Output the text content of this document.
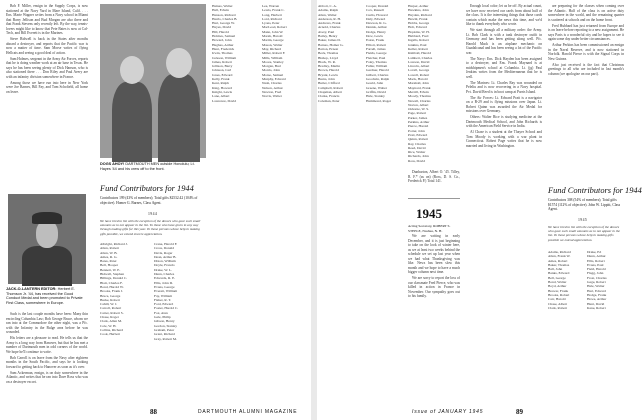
Bob F. Miller, ensign in the Supply Corps, is now stationed at the Navy Yard in Mare Island, Calif. . . . Ens. Marie Wagner writes from a Navy school in Miami that Barry Jellison and Bud Morgan are also there and that Frank Stevens only recently left. By the way, tennis-lovers might like to know that Pete Bates is now at Cal-Tech, and Bill Everett is in the Marines.

Steve Bidwell is back in the States after months aboard a destroyer, and reports that the Pacific war is now a matter of time. Sam Morse writes of flying Hellcats and seeing a good deal of action.

Sam Holmes, sergeant in the Army Air Forces, reports that he is doing weather work at an air base in Texas. He says he has been seeing plenty of Dick Hanson, who is also stationed there . . . Don Riley and Paul Avery are with an infantry division somewhere in France.

Among those we have run into here in New York were Joe Barnes, Bill Fay, and Tom Schofield, all home on leave.

JACK-O-LANTERN EDITOR: Herbert E. Thomson Jr. '44, has received the Good Conduct Medal and been promoted to Private First Class, somewhere in Europe.

Such is the last couple months have been: Many thin encircling Columbia Law; Bob George Bruce, whom we ran into at the Commodore the other night, was a Pfc. with the Infantry in the Bulge area before he was wounded.

His letters are a pleasure to read. He tells us that the Army is a long way from Hanover, but that he has met a number of Dartmouth men in odd corners of the world. We hope he'll continue to write.

Bob Carroll is on leave from the Navy after eighteen months in the South Pacific, and says he is looking forward to getting back to Hanover as soon as it's over.

Sam Ackerman, ensign, is on duty somewhere in the Atlantic, and writes that he ran into Dave Ross who was on a destroyer escort.

DOGS AHOY! DARTMOUTH MEN outside Honolulu; Lt. Hayes '44 and his crew off to the front.
Fund Contributors for 1944
Contributors 199 (43% of members); Total gifts $2532.42 (104% of objective). Homer G. Barnes, Class Agent.
1944
We have tried to list with the exception of the donors who gave such small amounts as to not appear in the list. To those who have given in any way through making gifts for this year. To those persons whose help in making gifts possible, we extend sincere appreciation.
Albright, Richard J.
Allen, Robert
Allen, W. B.
Ames, R. G.
Bates, Peter
Bell, Hooper
Bennett, W. E.
Bidwell, Stephen
Billings, Donald C.
Blair, Charles F.
Bond, Harold W.
Brooks, Frank J.
Bruce, George
Burke, Robert
Cahill, W. J.
Carroll, Robert
Carter, Robert S.
Chase, Roger
Clark, Allen M.
Cole, W. H.
Collins, Richard
Cook, Herbert
Crane, Harold F.
Cross, Donald
Davis, Roger
Dean, Arthur B.
Dixon, William
Doyle, Francis
Drake, W. L.
Dunn, Charles
Edwards, R. E.
Ellis, John D.
Evans, George
Everett, William
Fay, William
Fisher, R. T.
Ford, Edward
Foster, Harold C.
Fox, Alan
Gale, Philip
Gibson, Henry
Gordon, Stanley
Graham, Peter
Grant, Richard
Gray, Robert M.
Haines, Walter
Hall, Edwin
Hanson, Richard
Harris, Charles B.
Hart, George W.
Hayes, David
Hill, Harold
Holmes, Samuel
Howard, John
Hughes, Arthur
Hunt, Frederick
Irwin, Thomas
Jackson, William
James, Robert
Jellison, Barry
Johnson, Carl
Jones, Edward
Kelly, Frank
Kent, Ralph
King, Howard
Knight, Lewis
Lane, Albert
Lawrence, David
Lee, Warren
Lewis, Frank C.
Long, Herbert
Lord, Richard
Lyons, Peter
MacLeod, Robert
Mann, John W.
Marsh, Harold
Martin, George
Mason, Walter
May, Richard
Miller, Robert F.
Mills, William
Moore, Stanley
Morgan, Bud
Morris, John
Morse, Samuel
Murphy, Edward
Nash, Charles
Nelson, Arthur
Newton, Fred
Norris, Walter
88	DARTMOUTH ALUMNI MAGAZINE
Abbott, C. A.
Adams, Ralph
Allen, Walter
Anderson, R. H.
Andrews, Frank
Arnold, Charles
Avery, Paul
Bailey, Henry
Baker, James D.
Barnes, Homer G.
Barton, Ernest
Beck, Thomas
Bishop, Lloyd
Black, W. R.
Bradley, Martin
Brown, Harold
Bryant, Lewis
Burns, John
Butler, Clifford
Campbell, Robert
Chapman, Albert
Clarke, Francis
Coleman, Peter
Cooper, Donald
Cox, Russell
Curtis, Howard
Daly, Edward
Dawson, R. G.
Dennis, Arthur
Dodge, Henry
Dow, Lewis
Eaton, Frank
Elliott, Robert
Farrell, James
Fields, George
Fletcher, Paul
Foley, Thomas
Fuller, William
Gardner, Harold
Gilbert, Charles
Goodwin, Ralph
Gould, John
Greene, Walter
Griffin, David
Hale, Stanley
Hammond, Roger
Harper, Arthur
Hawkins, John
Hayden, Richard
Hewitt, Frank
Hobbs, George
Holt, Edward
Hopkins, W. H.
Hubbard, Fred
Ingalls, Robert
Jenkins, Paul
Keller, Robert
Kimball, Harold
Lambert, Charles
Lawson, David
Lincoln, Albert
Lovell, George
Lowell, Robert
Mack, Harold
Marshall, John
Maynard, Frank
Merrill, Edwin
Moody, Thomas
Newell, Charles
Norton, Albert
Osborne, W. S.
Page, Robert
Parker, James
Perkins, Arthur
Pierce, Harold
Porter, John
Pratt, Edward
Quinn, Robert
Ray, Charles
Reed, David
Rice, Walter
Richards, John
Ross, David

Dunbarton, Albert O. '45. Tilley, R. F.* (as on) (Ross, D. S. Co., Frederick P.) Total 141.

1945
Acting Secretary, ROBERT S. STEELE, Nashua, N. H.

We are writing in early December, and it is just beginning to take on the look of winter here, as we at least two weeks behind the schedule we set up last year when we had what Thanksgiving was like. News has been slow this month and we hope to have a much bigger column next time.

We are sorry to report the loss of our classmate Fred Pierce, who was killed in action in France in November. Our sympathy goes out to his family.

Enough local color; let us be off. By actual count, we have now received our cards from about half of the class. It is the interesting things that those cards contain which make the news this time, and we'd like to thank everybody who wrote.

We start through all a military order: the Army. Lt. Bob Clark is with a tank destroyer outfit in Germany and has been getting along well. Pfc. Harold Mack is an airplane mechanic on Guadalcanal and has been seeing a lot of the Pacific war.

The Navy: Ens. Dick Hayden has been assigned to a destroyer, and Ens. Frank Maynard is at midshipmen's school at Columbia. Lt. (jg) Paul Jenkins writes from the Mediterranean that he is well.

The Marines: Lt. Charles Ray was wounded on Peleliu and is now recovering in a Navy hospital. Pvt. David Reed is in boot camp at Parris Island.

The Air Forces: Lt. Edward Pratt is a navigator on a B-29 and is flying missions over Japan. Lt. Robert Quinn was awarded the Air Medal for missions over Germany.

Others: Walter Rice is studying medicine at the Dartmouth Medical School, and John Richards is with the American Field Service in India.

Al Chase is a student at the Thayer School and Tom Moody is working with a war plant in Connecticut. Robert Page writes that he is now married and living in Washington.

are preparing for the classes when coming over the Atlantic. Half of the class is on active duty somewhere in the world, and the remaining quarter is scattered at schools and on the home front.

Fred Hubbard has just returned from Europe and is on leave before reporting to a new assignment. He says Paris is a wonderful city and he hopes to see it again some day under better circumstances.

Arthur Perkins has been commissioned an ensign in the Naval Reserve, and is now stationed in Norfolk. Harold Pierce is with the Signal Corps in New Guinea.

Also just received is the fact that Christmas greetings to all who are included in last month's column (we apologize on our part).

Fund Contributors for 1944
Contributors 308 (54% of members); Total gifts $1574 (112% of objective). John W. Lippitt, Class Agent.
1945
We have tried to list with the exception of the donors who gave such small amounts as to not appear in the list. To those persons whose help in making gifts possible we extend appreciation.
Adams, Richard
Allen, Frank W.
Ames, Robert
Baker, Thomas
Ball, John
Banks, Edward
Bell, George
Bond, Walter
Boyd, Arthur
Brewer, Frank
Brooks, Robert
Carr, Harold
Chase, Albert
Clark, Robert
Drake, Ed
Dunn, Arthur
Ellis, Robert
Evans, Paul
Field, Harold
Flagg, John
Frost, Charles
Gage, Robert
Hale, Walter
Hart, Edward
Hodge, Frank
Howe, Arthur
Hunt, David
Kane, Robert
Issue of JANUARY 1945	89
